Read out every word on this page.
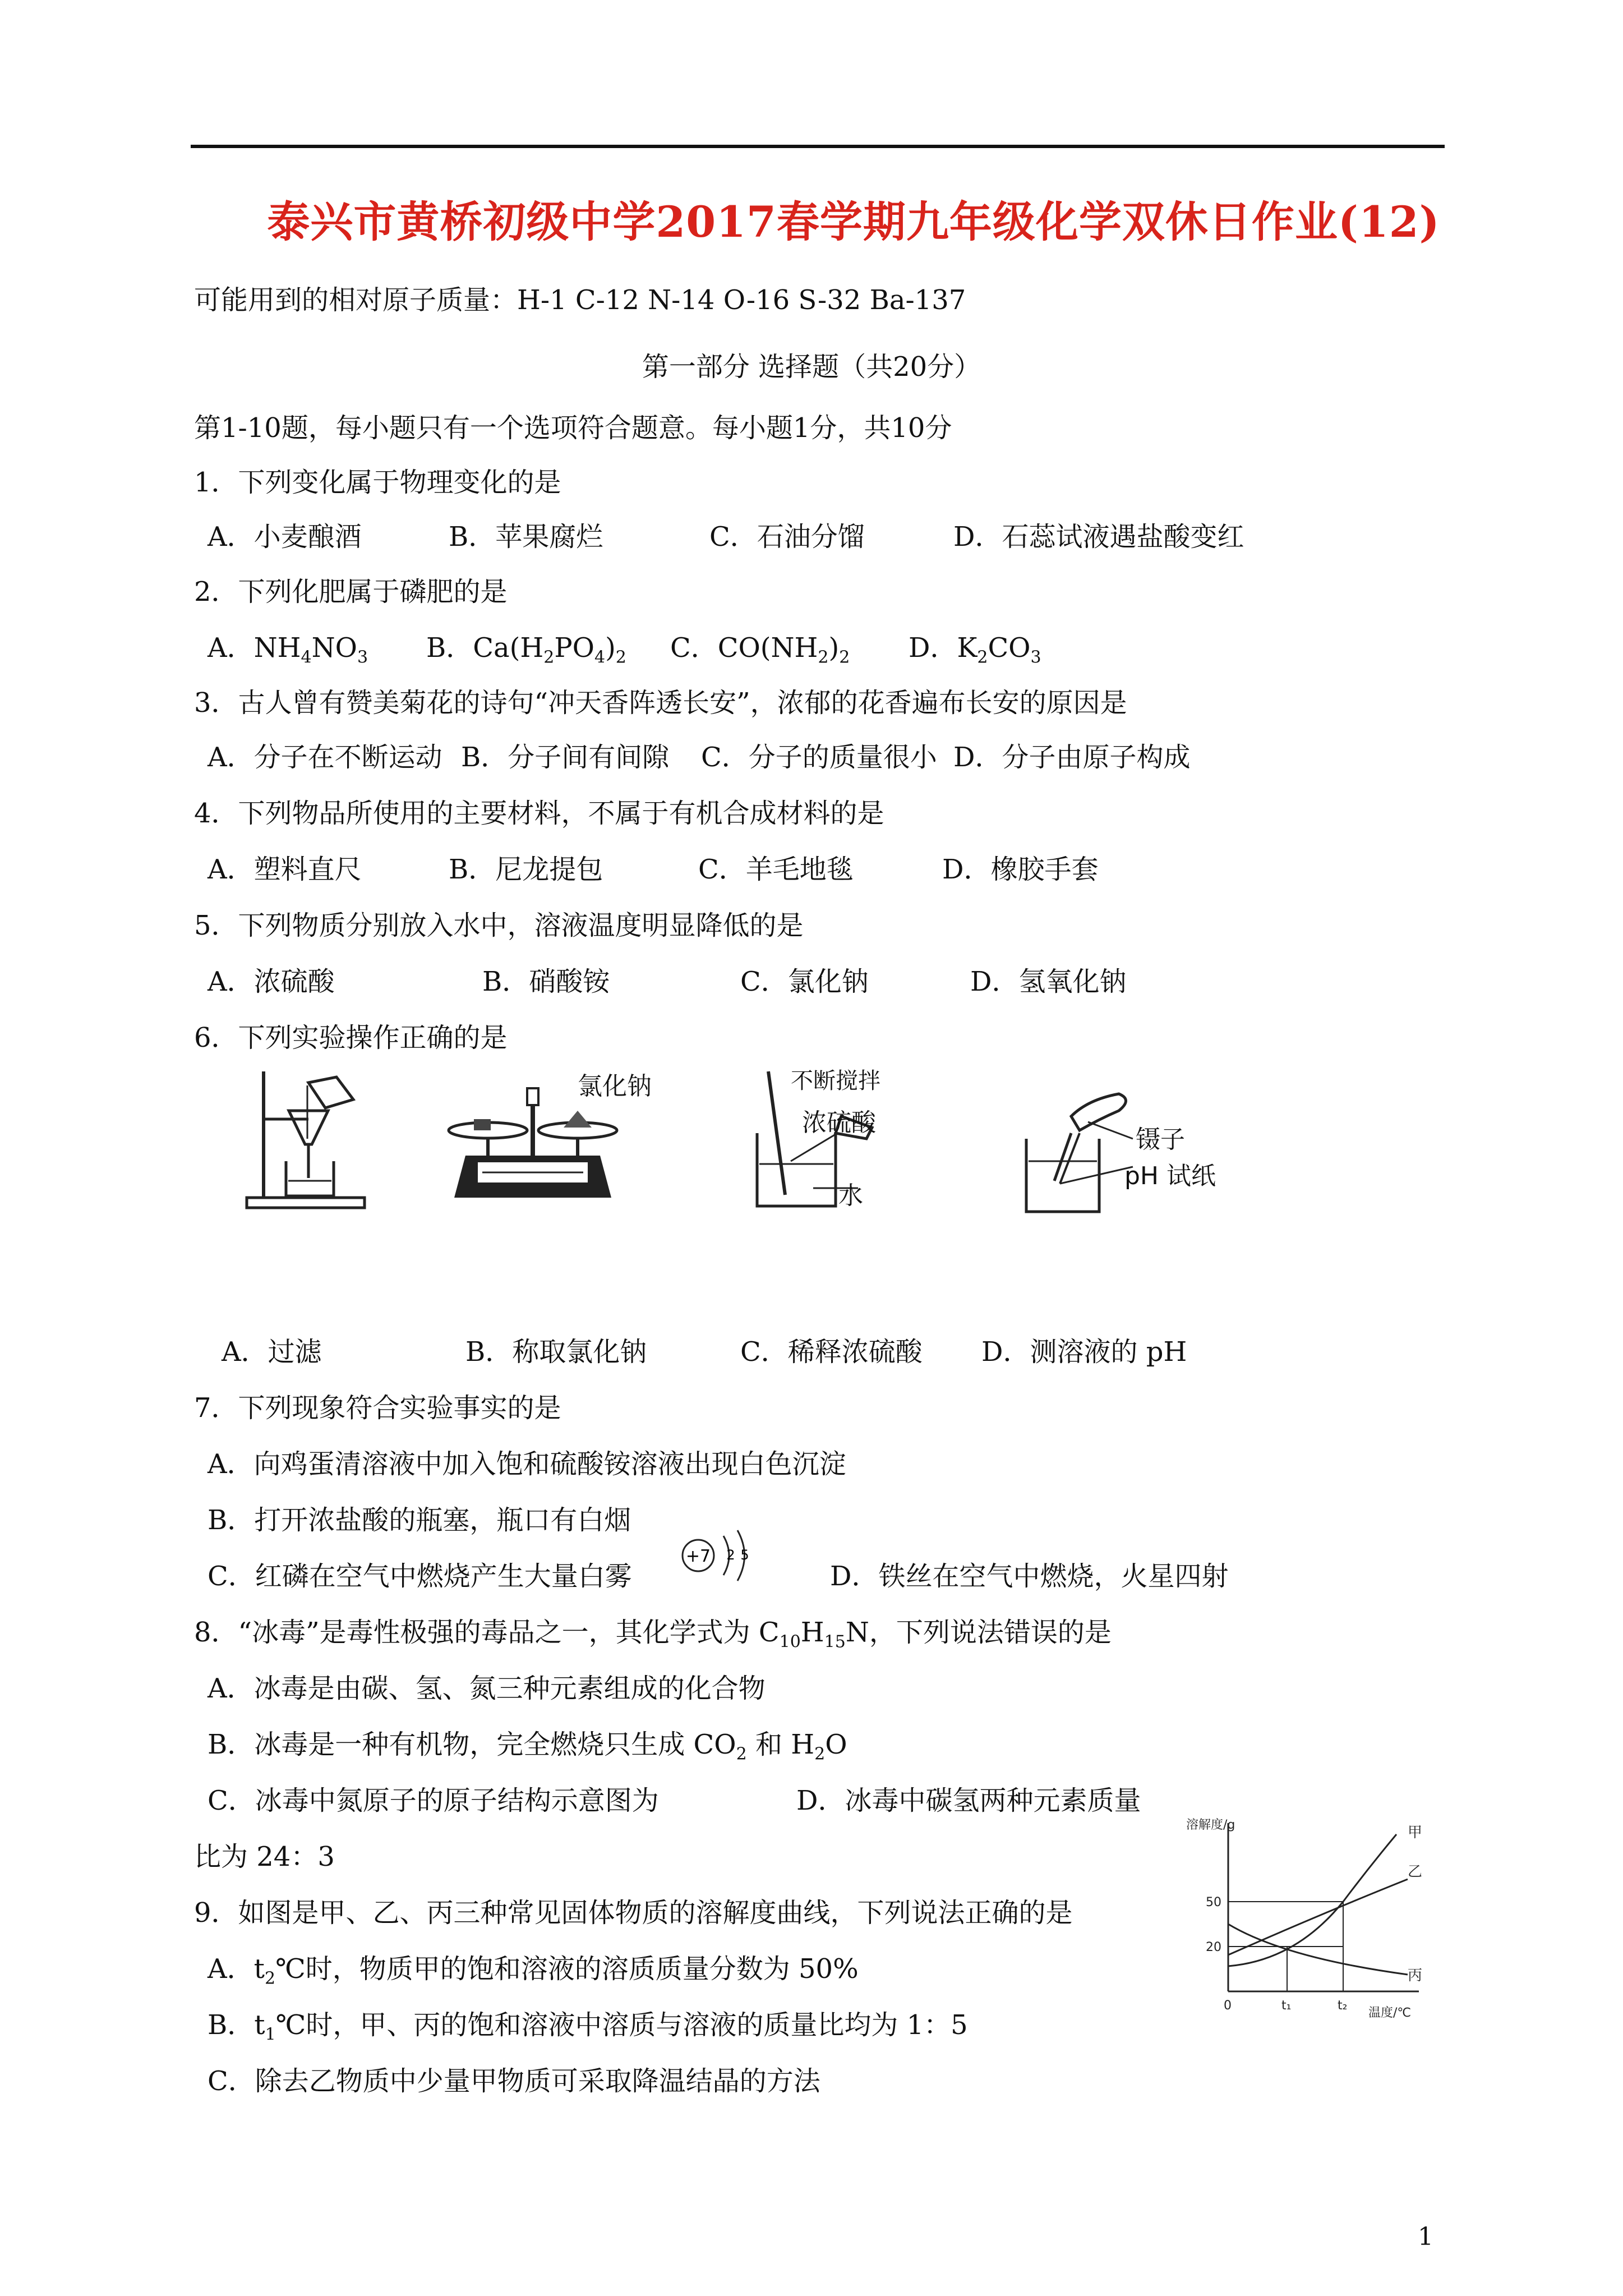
泰兴市黄桥初级中学2017春学期九年级化学双休日作业(12)
可能用到的相对原子质量：H-1 C-12 N-14 O-16 S-32 Ba-137
第一部分 选择题（共20分）
第1-10题，每小题只有一个选项符合题意。每小题1分，共10分
1．下列变化属于物理变化的是
A．小麦酿酒	B．苹果腐烂	C．石油分馏	D．石蕊试液遇盐酸变红
2．下列化肥属于磷肥的是
A．$NH_4NO_3$ B．$Ca(H_2PO_4)_2$ C．$CO(NH_2)_2$ D．$K_2CO_3$
3．古人曾有赞美菊花的诗句“冲天香阵透长安”，浓郁的花香遍布长安的原因是
A．分子在不断运动 B．分子间有间隙 C．分子的质量很小 D．分子由原子构成
4．下列物品所使用的主要材料，不属于有机合成材料的是
A．塑料直尺	B．尼龙提包	C．羊毛地毯	D．橡胶手套
5．下列物质分别放入水中，溶液温度明显降低的是
A．浓硫酸	B．硝酸铵	C．氯化钠	D．氢氧化钠
6．下列实验操作正确的是
氯化钠	不断搅拌
浓硫酸
水
镊子
pH 试纸
A．过滤	B．称取氯化钠	C．稀释浓硫酸 D．测溶液的 pH
7．下列现象符合实验事实的是
A．向鸡蛋清溶液中加入饱和硫酸铵溶液出现白色沉淀
B．打开浓盐酸的瓶塞，瓶口有白烟
C．红磷在空气中燃烧产生大量白雾	D．铁丝在空气中燃烧，火星四射
+7 2 5
8．“冰毒”是毒性极强的毒品之一，其化学式为 $C_{10}H_{15}N$，下列说法错误的是
A．冰毒是由碳、氢、氮三种元素组成的化合物
B．冰毒是一种有机物，完全燃烧只生成 $CO_2$ 和 $H_2O$
C．冰毒中氮原子的原子结构示意图为	D．冰毒中碳氢两种元素质量
比为 24：3
9．如图是甲、乙、丙三种常见固体物质的溶解度曲线，下列说法正确的是
A．$t_2℃$时，物质甲的饱和溶液的溶质质量分数为 50%
B．$t_1℃$时，甲、丙的饱和溶液中溶质与溶液的质量比均为 1：5
C．除去乙物质中少量甲物质可采取降温结晶的方法
溶解度/g
温度/℃
0	t₁	t₂
20
50
甲
乙
丙
1
